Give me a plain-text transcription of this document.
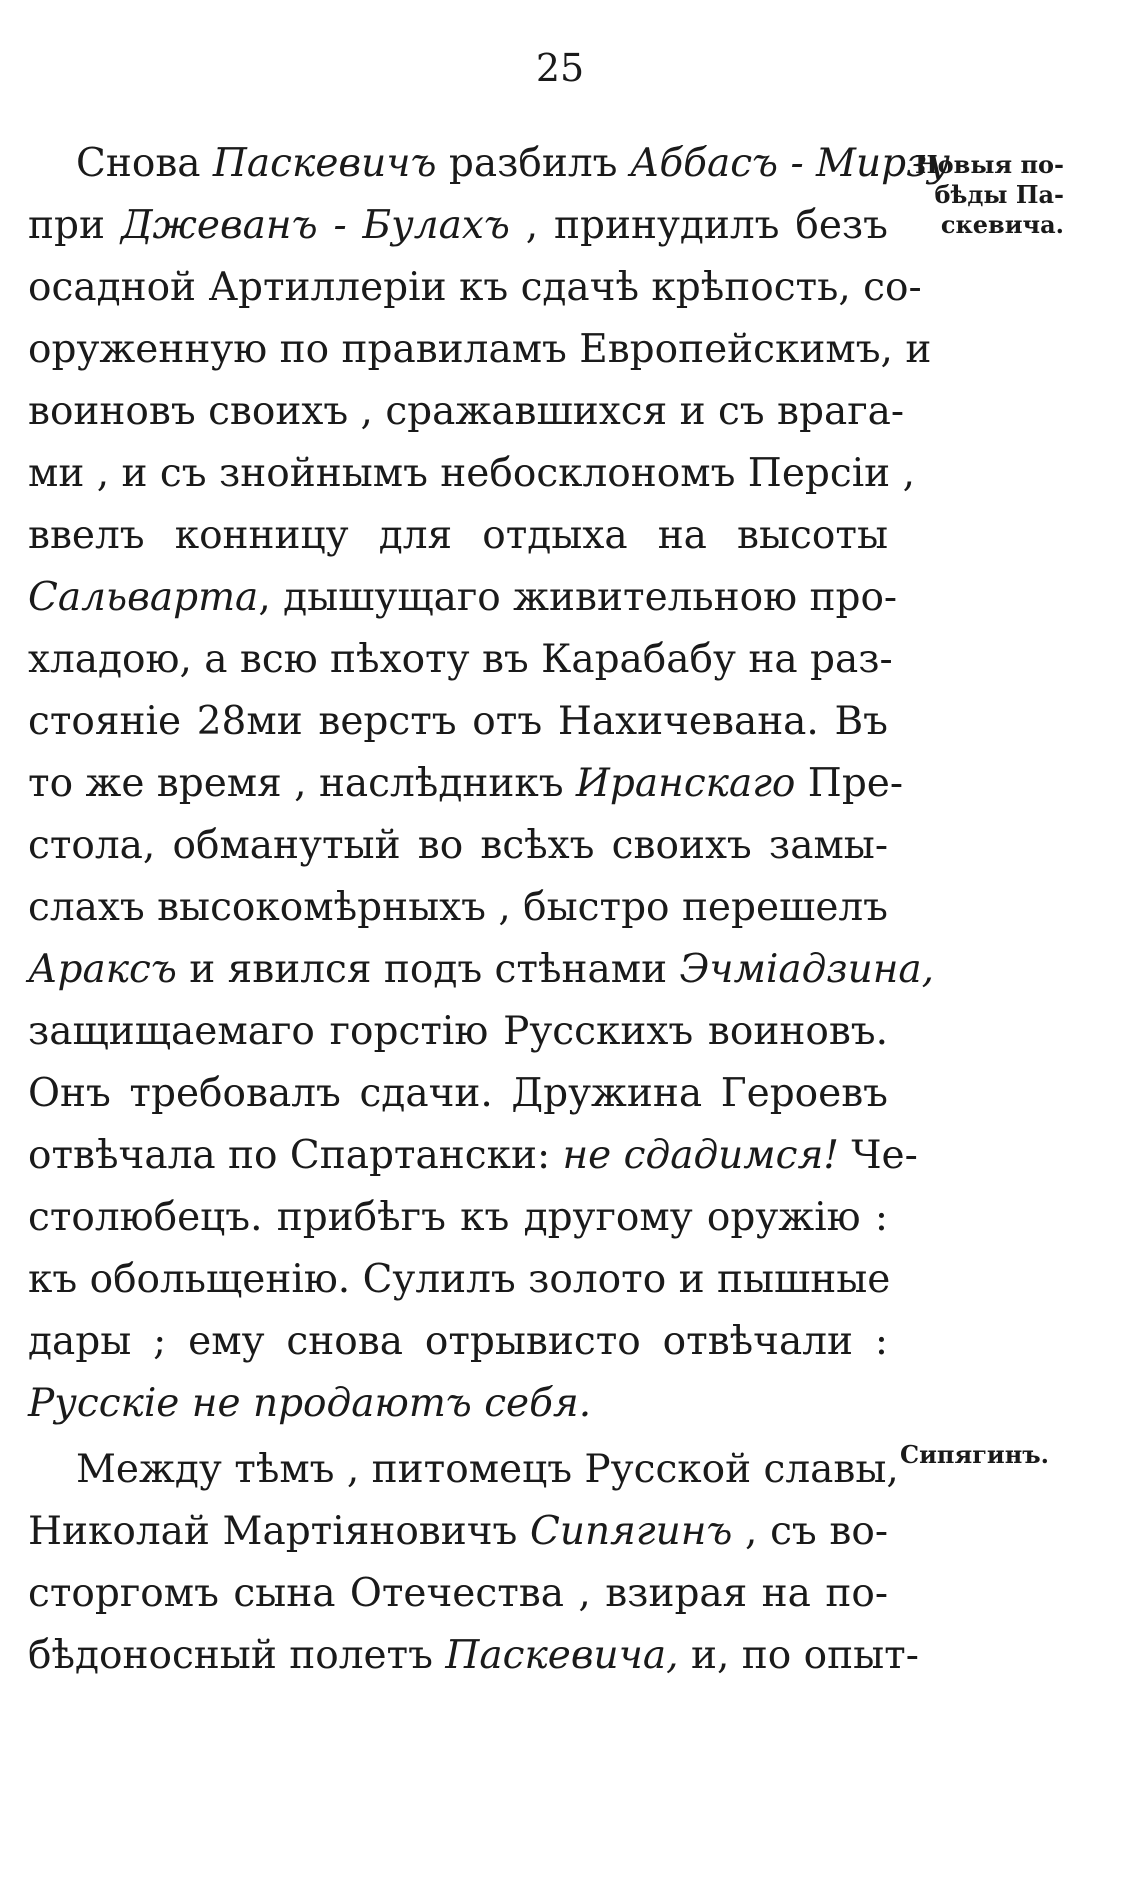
25
Снова Паскевичъ разбилъ Аббасъ - Мирзу
при Джеванъ - Булахъ , принудилъ безъ
осадной Артиллеріи къ сдачѣ крѣпость, со-
оруженную по правиламъ Европейскимъ, и
воиновъ своихъ , сражавшихся и съ врага-
ми , и съ знойнымъ небосклономъ Персіи ,
ввелъ конницу для отдыха на высоты
Сальварта, дышущаго живительною про-
хладою, а всю пѣхоту въ Карабабу на раз-
стояніе 28ми верстъ отъ Нахичевана. Въ
то же время , наслѣдникъ Иранскаго Пре-
стола, обманутый во всѣхъ своихъ замы-
слахъ высокомѣрныхъ , быстро перешелъ
Араксъ и явился подъ стѣнами Эчміадзина,
защищаемаго горстію Русскихъ воиновъ.
Онъ требовалъ сдачи. Дружина Героевъ
отвѣчала по Спартански: не сдадимся! Че-
столюбецъ. прибѣгъ къ другому оружію :
къ обольщенію. Сулилъ золото и пышные
дары ; ему снова отрывисто отвѣчали :
Русскіе не продаютъ себя.
Между тѣмъ , питомецъ Русской славы,
Николай Мартіяновичъ Сипягинъ , съ во-
сторгомъ сына Отечества , взирая на по-
бѣдоносный полетъ Паскевича, и, по опыт-
Новыя по-
бѣды Па-
скевича.
Сипягинъ.
